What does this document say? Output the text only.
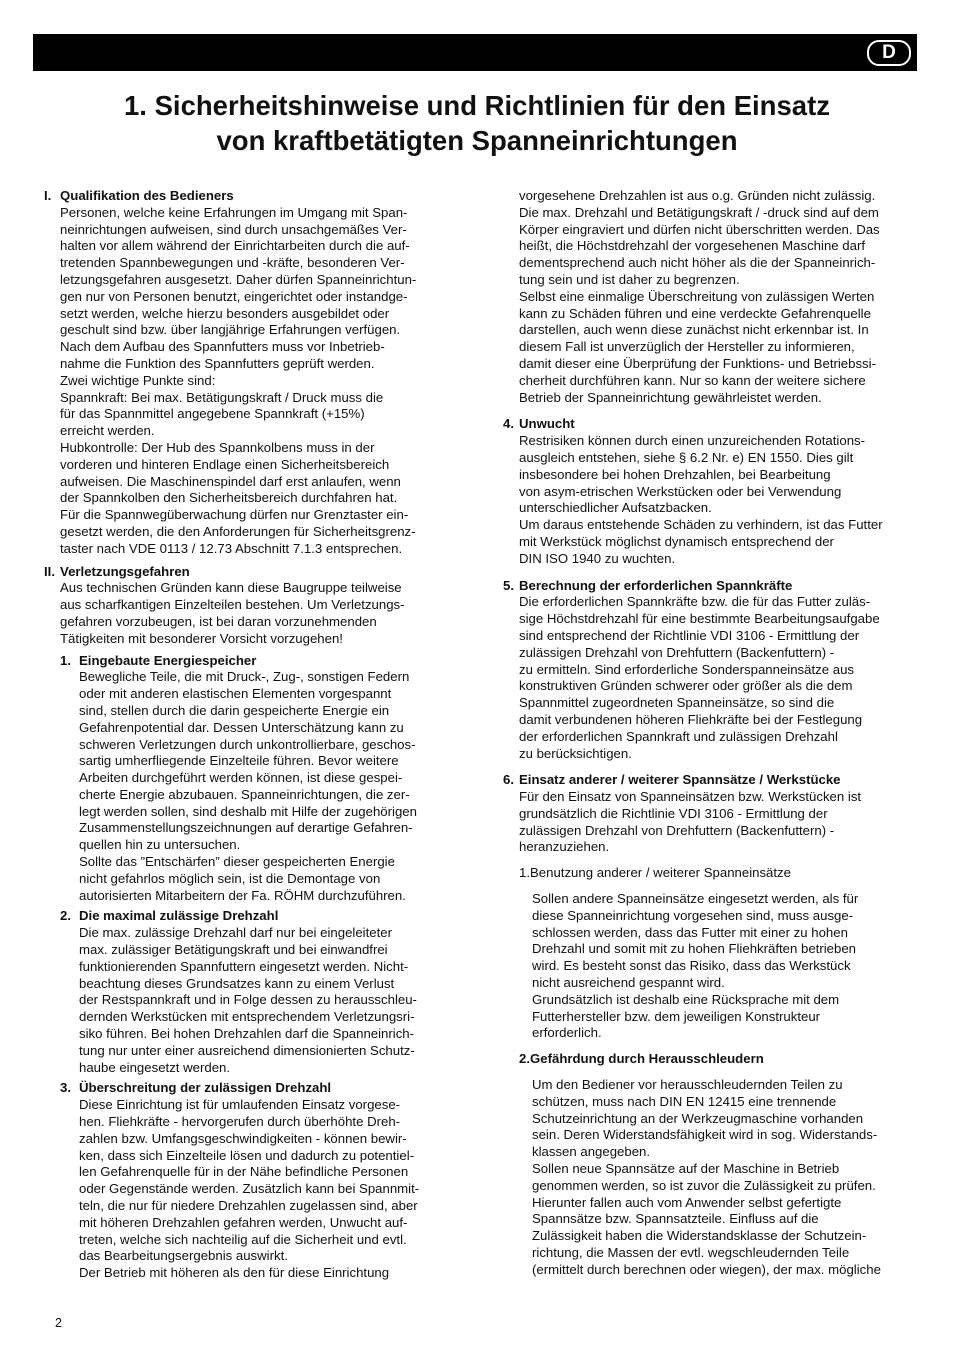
D
1. Sicherheitshinweise und Richtlinien für den Einsatz
von kraftbetätigten Spanneinrichtungen
I. Qualifikation des Bedieners
Personen, welche keine Erfahrungen im Umgang mit Span-
neinrichtungen aufweisen, sind durch unsachgemäßes Ver-
halten vor allem während der Einrichtarbeiten durch die auf-
tretenden Spannbewegungen und -kräfte, besonderen Ver-
letzungsgefahren ausgesetzt. Daher dürfen Spanneinrichtun-
gen nur von Personen benutzt, eingerichtet oder instandge-
setzt werden, welche hierzu besonders ausgebildet oder
geschult sind bzw. über langjährige Erfahrungen verfügen.
Nach dem Aufbau des Spannfutters muss vor Inbetrieb-
nahme die Funktion des Spannfutters geprüft werden.
Zwei wichtige Punkte sind:
Spannkraft: Bei max. Betätigungskraft / Druck muss die
für das Spannmittel angegebene Spannkraft (+15%)
erreicht werden.
Hubkontrolle: Der Hub des Spannkolbens muss in der
vorderen und hinteren Endlage einen Sicherheitsbereich
aufweisen. Die Maschinenspindel darf erst anlaufen, wenn
der Spannkolben den Sicherheitsbereich durchfahren hat.
Für die Spannwegüberwachung dürfen nur Grenztaster ein-
gesetzt werden, die den Anforderungen für Sicherheitsgrenz-
taster nach VDE 0113 / 12.73 Abschnitt 7.1.3 entsprechen.
II. Verletzungsgefahren
Aus technischen Gründen kann diese Baugruppe teilweise
aus scharfkantigen Einzelteilen bestehen. Um Verletzungs-
gefahren vorzubeugen, ist bei daran vorzunehmenden
Tätigkeiten mit besonderer Vorsicht vorzugehen!
1. Eingebaute Energiespeicher
Bewegliche Teile, die mit Druck-, Zug-, sonstigen Federn
oder mit anderen elastischen Elementen vorgespannt
sind, stellen durch die darin gespeicherte Energie ein
Gefahrenpotential dar. Dessen Unterschätzung kann zu
schweren Verletzungen durch unkontrollierbare, geschos-
sartig umherfliegende Einzelteile führen. Bevor weitere
Arbeiten durchgeführt werden können, ist diese gespei-
cherte Energie abzubauen. Spanneinrichtungen, die zer-
legt werden sollen, sind deshalb mit Hilfe der zugehörigen
Zusammenstellungszeichnungen auf derartige Gefahren-
quellen hin zu untersuchen.
Sollte das ”Entschärfen” dieser gespeicherten Energie
nicht gefahrlos möglich sein, ist die Demontage von
autorisierten Mitarbeitern der Fa. RÖHM durchzuführen.
2. Die maximal zulässige Drehzahl
Die max. zulässige Drehzahl darf nur bei eingeleiteter
max. zulässiger Betätigungskraft und bei einwandfrei
funktionierenden Spannfuttern eingesetzt werden. Nicht-
beachtung dieses Grundsatzes kann zu einem Verlust
der Restspannkraft und in Folge dessen zu herausschleu-
dernden Werkstücken mit entsprechendem Verletzungsri-
siko führen. Bei hohen Drehzahlen darf die Spanneinrich-
tung nur unter einer ausreichend dimensionierten Schutz-
haube eingesetzt werden.
3. Überschreitung der zulässigen Drehzahl
Diese Einrichtung ist für umlaufenden Einsatz vorgese-
hen. Fliehkräfte - hervorgerufen durch überhöhte Dreh-
zahlen bzw. Umfangsgeschwindigkeiten - können bewir-
ken, dass sich Einzelteile lösen und dadurch zu potentiel-
len Gefahrenquelle für in der Nähe befindliche Personen
oder Gegenstände werden. Zusätzlich kann bei Spannmit-
teln, die nur für niedere Drehzahlen zugelassen sind, aber
mit höheren Drehzahlen gefahren werden, Unwucht auf-
treten, welche sich nachteilig auf die Sicherheit und evtl.
das Bearbeitungsergebnis auswirkt.
Der Betrieb mit höheren als den für diese Einrichtung
vorgesehene Drehzahlen ist aus o.g. Gründen nicht zulässig.
Die max. Drehzahl und Betätigungskraft / -druck sind auf dem
Körper eingraviert und dürfen nicht überschritten werden. Das
heißt, die Höchstdrehzahl der vorgesehenen Maschine darf
dementsprechend auch nicht höher als die der Spanneinrich-
tung sein und ist daher zu begrenzen.
Selbst eine einmalige Überschreitung von zulässigen Werten
kann zu Schäden führen und eine verdeckte Gefahrenquelle
darstellen, auch wenn diese zunächst nicht erkennbar ist. In
diesem Fall ist unverzüglich der Hersteller zu informieren,
damit dieser eine Überprüfung der Funktions- und Betriebssi-
cherheit durchführen kann. Nur so kann der weitere sichere
Betrieb der Spanneinrichtung gewährleistet werden.
4. Unwucht
Restrisiken können durch einen unzureichenden Rotations-
ausgleich entstehen, siehe § 6.2 Nr. e) EN 1550. Dies gilt
insbesondere bei hohen Drehzahlen, bei Bearbeitung
von asym-etrischen Werkstücken oder bei Verwendung
unterschiedlicher Aufsatzbacken.
Um daraus entstehende Schäden zu verhindern, ist das Futter
mit Werkstück möglichst dynamisch entsprechend der
DIN ISO 1940 zu wuchten.
5. Berechnung der erforderlichen Spannkräfte
Die erforderlichen Spannkräfte bzw. die für das Futter zuläs-
sige Höchstdrehzahl für eine bestimmte Bearbeitungsaufgabe
sind entsprechend der Richtlinie VDI 3106 - Ermittlung der
zulässigen Drehzahl von Drehfuttern (Backenfuttern) -
zu ermitteln. Sind erforderliche Sonderspanneinsätze aus
konstruktiven Gründen schwerer oder größer als die dem
Spannmittel zugeordneten Spanneinsätze, so sind die
damit verbundenen höheren Fliehkräfte bei der Festlegung
der erforderlichen Spannkraft und zulässigen Drehzahl
zu berücksichtigen.
6. Einsatz anderer / weiterer Spannsätze / Werkstücke
Für den Einsatz von Spanneinsätzen bzw. Werkstücken ist
grundsätzlich die Richtlinie VDI 3106 - Ermittlung der
zulässigen Drehzahl von Drehfuttern (Backenfuttern) -
heranzuziehen.
1.Benutzung anderer / weiterer Spanneinsätze
Sollen andere Spanneinsätze eingesetzt werden, als für
diese Spanneinrichtung vorgesehen sind, muss ausge-
schlossen werden, dass das Futter mit einer zu hohen
Drehzahl und somit mit zu hohen Fliehkräften betrieben
wird. Es besteht sonst das Risiko, dass das Werkstück
nicht ausreichend gespannt wird.
Grundsätzlich ist deshalb eine Rücksprache mit dem
Futterhersteller bzw. dem jeweiligen Konstrukteur
erforderlich.
2.Gefährdung durch Herausschleudern
Um den Bediener vor herausschleudernden Teilen zu
schützen, muss nach DIN EN 12415 eine trennende
Schutzeinrichtung an der Werkzeugmaschine vorhanden
sein. Deren Widerstandsfähigkeit wird in sog. Widerstands-
klassen angegeben.
Sollen neue Spannsätze auf der Maschine in Betrieb
genommen werden, so ist zuvor die Zulässigkeit zu prüfen.
Hierunter fallen auch vom Anwender selbst gefertigte
Spannsätze bzw. Spannsatzteile. Einfluss auf die
Zulässigkeit haben die Widerstandsklasse der Schutzein-
richtung, die Massen der evtl. wegschleudernden Teile
(ermittelt durch berechnen oder wiegen), der max. mögliche
2
